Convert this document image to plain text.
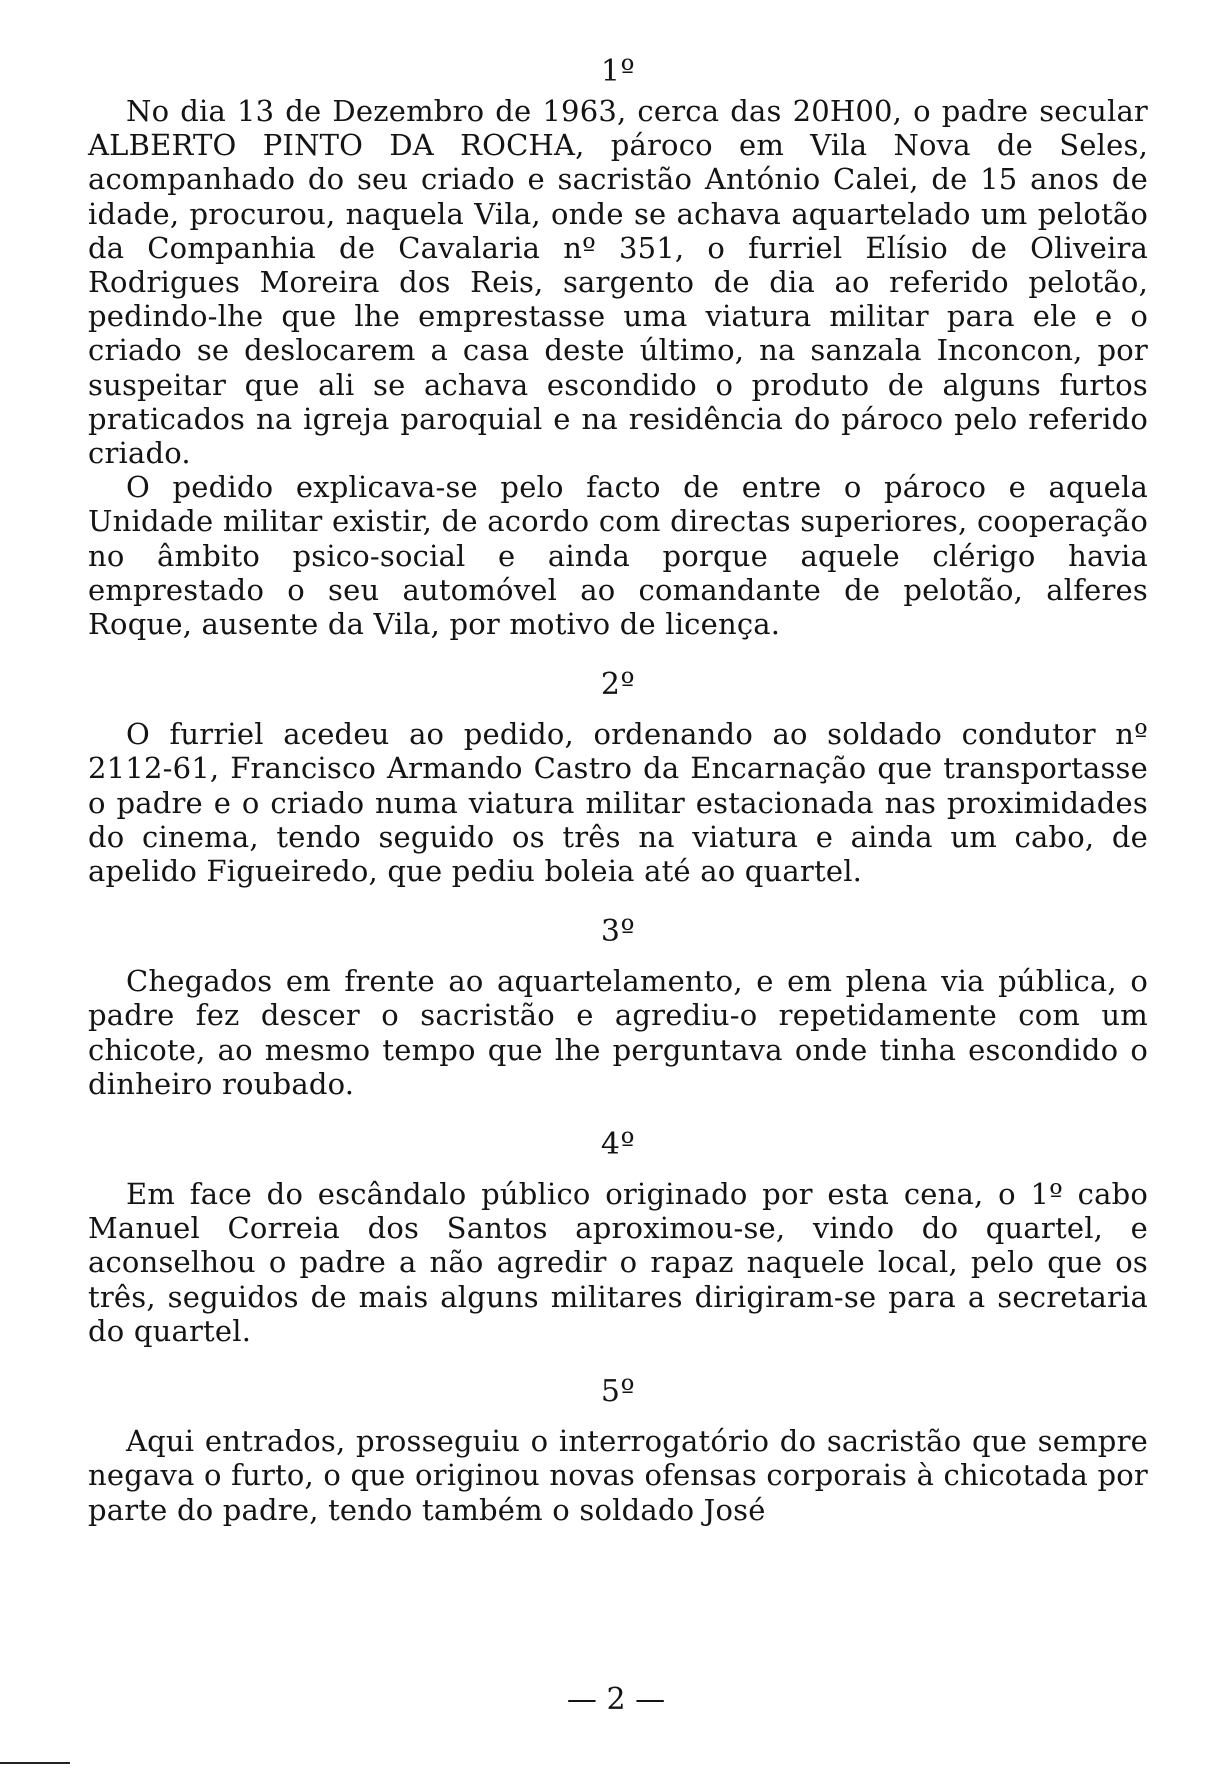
1º

No dia 13 de Dezembro de 1963, cerca das 20H00, o padre secular ALBERTO PINTO DA ROCHA, pároco em Vila Nova de Seles, acompanhado do seu criado e sacristão António Calei, de 15 anos de idade, procurou, naquela Vila, onde se achava aquartelado um pelotão da Companhia de Cavalaria nº 351, o furriel Elísio de Oliveira Rodrigues Moreira dos Reis, sargento de dia ao referido pelotão, pedindo-lhe que lhe emprestasse uma viatura militar para ele e o criado se deslocarem a casa deste último, na sanzala Inconcon, por suspeitar que ali se achava escondido o produto de alguns furtos praticados na igreja paroquial e na residência do pároco pelo referido criado.

O pedido explicava-se pelo facto de entre o pároco e aquela Unidade militar existir, de acordo com directas superiores, cooperação no âmbito psico-social e ainda porque aquele clérigo havia emprestado o seu automóvel ao comandante de pelotão, alferes Roque, ausente da Vila, por motivo de licença.

2º

O furriel acedeu ao pedido, ordenando ao soldado condutor nº 2112-61, Francisco Armando Castro da Encarnação que transportasse o padre e o criado numa viatura militar estacionada nas proximidades do cinema, tendo seguido os três na viatura e ainda um cabo, de apelido Figueiredo, que pediu boleia até ao quartel.

3º

Chegados em frente ao aquartelamento, e em plena via pública, o padre fez descer o sacristão e agrediu-o repetidamente com um chicote, ao mesmo tempo que lhe perguntava onde tinha escondido o dinheiro roubado.

4º

Em face do escândalo público originado por esta cena, o 1º cabo Manuel Correia dos Santos aproximou-se, vindo do quartel, e aconselhou o padre a não agredir o rapaz naquele local, pelo que os três, seguidos de mais alguns militares dirigiram-se para a secretaria do quartel.

5º

Aqui entrados, prosseguiu o interrogatório do sacristão que sempre negava o furto, o que originou novas ofensas corporais à chicotada por parte do padre, tendo também o soldado José

— 2 —
